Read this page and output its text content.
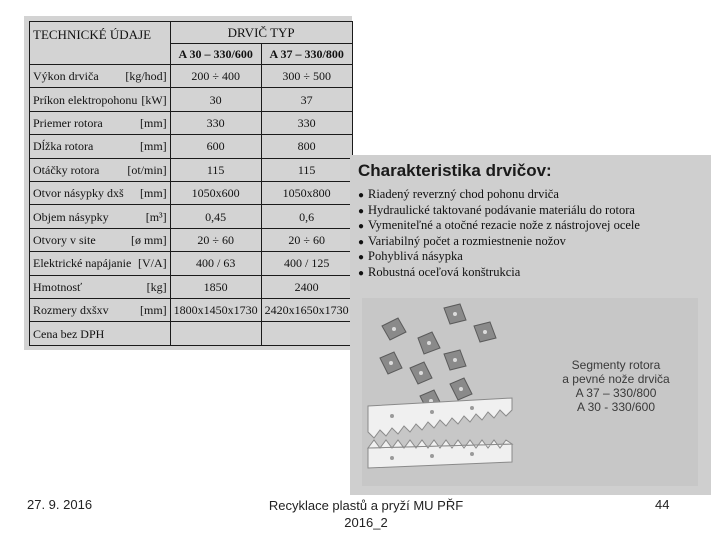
TECHNICKÉ ÚDAJE	DRVIČ TYP	
	A 30 – 330/600	A 37 – 330/800

Výkon drviča [kg/hod]	200 ÷ 400	300 ÷ 500

Príkon elektropohonu [kW]	30	37

Priemer rotora [mm]	330	330

Dĺžka rotora [mm]	600	800

Otáčky rotora [ot/min]	115	115

Otvor násypky dxš [mm]	1050x600	1050x800

Objem násypky [m³]	0,45	0,6

Otvory v site [ø mm]	20 ÷ 60	20 ÷ 60

Elektrické napájanie [V/A]	400 / 63	400 / 125

Hmotnosť [kg]	1850	2400

Rozmery dxšxv [mm]	1800x1450x1730	2420x1650x1730

Cena bez DPH		

Charakteristika drvičov:
● Riadený reverzný chod pohonu drviča
● Hydraulické taktované podávanie materiálu do rotora
● Vymeniteľné a otočné rezacie nože z nástrojovej ocele
● Variabilný počet a rozmiestnenie nožov
● Pohyblivá násypka
● Robustná oceľová konštrukcia
Segmenty rotora
a pevné nože drviča
A 37 – 330/800
A 30 - 330/600
27. 9. 2016	Recyklace plastů a pryží MU PŘF
2016_2
44
